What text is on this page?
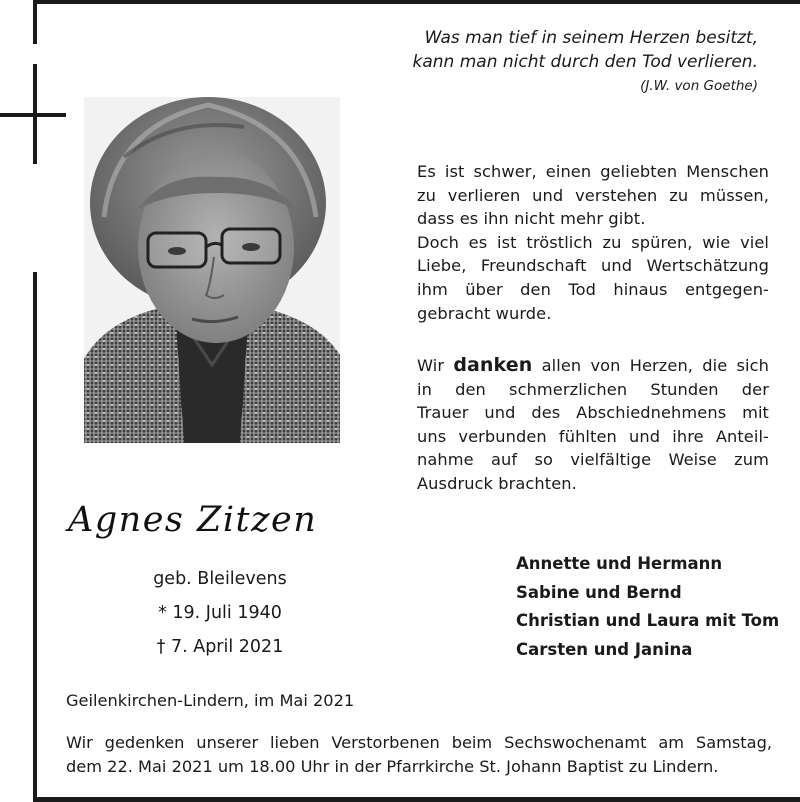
Was man tief in seinem Herzen besitzt,
kann man nicht durch den Tod verlieren.
(J.W. von Goethe)
Es ist schwer, einen geliebten Menschen
zu verlieren und verstehen zu müssen,
dass es ihn nicht mehr gibt.
Doch es ist tröstlich zu spüren, wie viel
Liebe, Freundschaft und Wertschätzung
ihm über den Tod hinaus entgegen-
gebracht wurde.
Wir danken allen von Herzen, die sich
in den schmerzlichen Stunden der
Trauer und des Abschiednehmens mit
uns verbunden fühlten und ihre Anteil-
nahme auf so vielfältige Weise zum
Ausdruck brachten.
Agnes Zitzen
geb. Bleilevens
* 19. Juli 1940
† 7. April 2021
Annette und Hermann
Sabine und Bernd
Christian und Laura mit Tom
Carsten und Janina
Geilenkirchen-Lindern, im Mai 2021
Wir gedenken unserer lieben Verstorbenen beim Sechswochenamt am Samstag,
dem 22. Mai 2021 um 18.00 Uhr in der Pfarrkirche St. Johann Baptist zu Lindern.
